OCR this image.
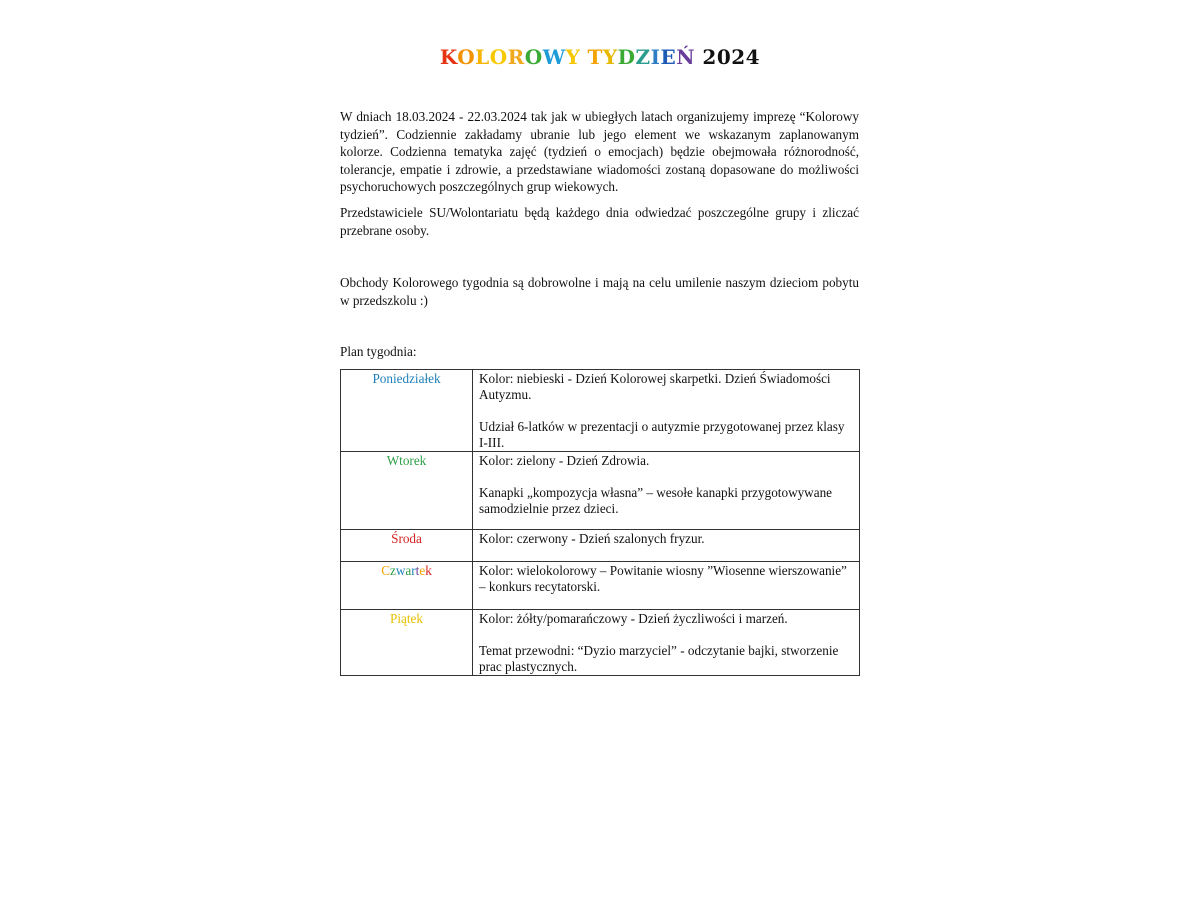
KOLOROWY TYDZIEŃ 2024

W dniach 18.03.2024 - 22.03.2024 tak jak w ubiegłych latach organizujemy imprezę “Kolorowy tydzień”. Codziennie zakładamy ubranie lub jego element we wskazanym zaplanowanym kolorze. Codzienna tematyka zajęć (tydzień o emocjach) będzie obejmowała różnorodność, tolerancje, empatie i zdrowie, a przedstawiane wiadomości zostaną dopasowane do możliwości psychoruchowych poszczególnych grup wiekowych.

Przedstawiciele SU/Wolontariatu będą każdego dnia odwiedzać poszczególne grupy i zliczać przebrane osoby.

Obchody Kolorowego tygodnia są dobrowolne i mają na celu umilenie naszym dzieciom pobytu w przedszkolu :)

Plan tygodnia:

Poniedziałek	Kolor: niebieski - Dzień Kolorowej skarpetki. Dzień Świadomości Autyzmu.
Udział 6-latków w prezentacji o autyzmie przygotowanej przez klasy I-III.

Wtorek	Kolor: zielony - Dzień Zdrowia.
Kanapki „kompozycja własna” – wesołe kanapki przygotowywane samodzielnie przez dzieci.

Środa	Kolor: czerwony - Dzień szalonych fryzur.

Czwartek	Kolor: wielokolorowy – Powitanie wiosny ”Wiosenne wierszowanie” – konkurs recytatorski.

Piątek	Kolor: żółty/pomarańczowy - Dzień życzliwości i marzeń.
Temat przewodni: “Dyzio marzyciel” - odczytanie bajki, stworzenie prac plastycznych.
